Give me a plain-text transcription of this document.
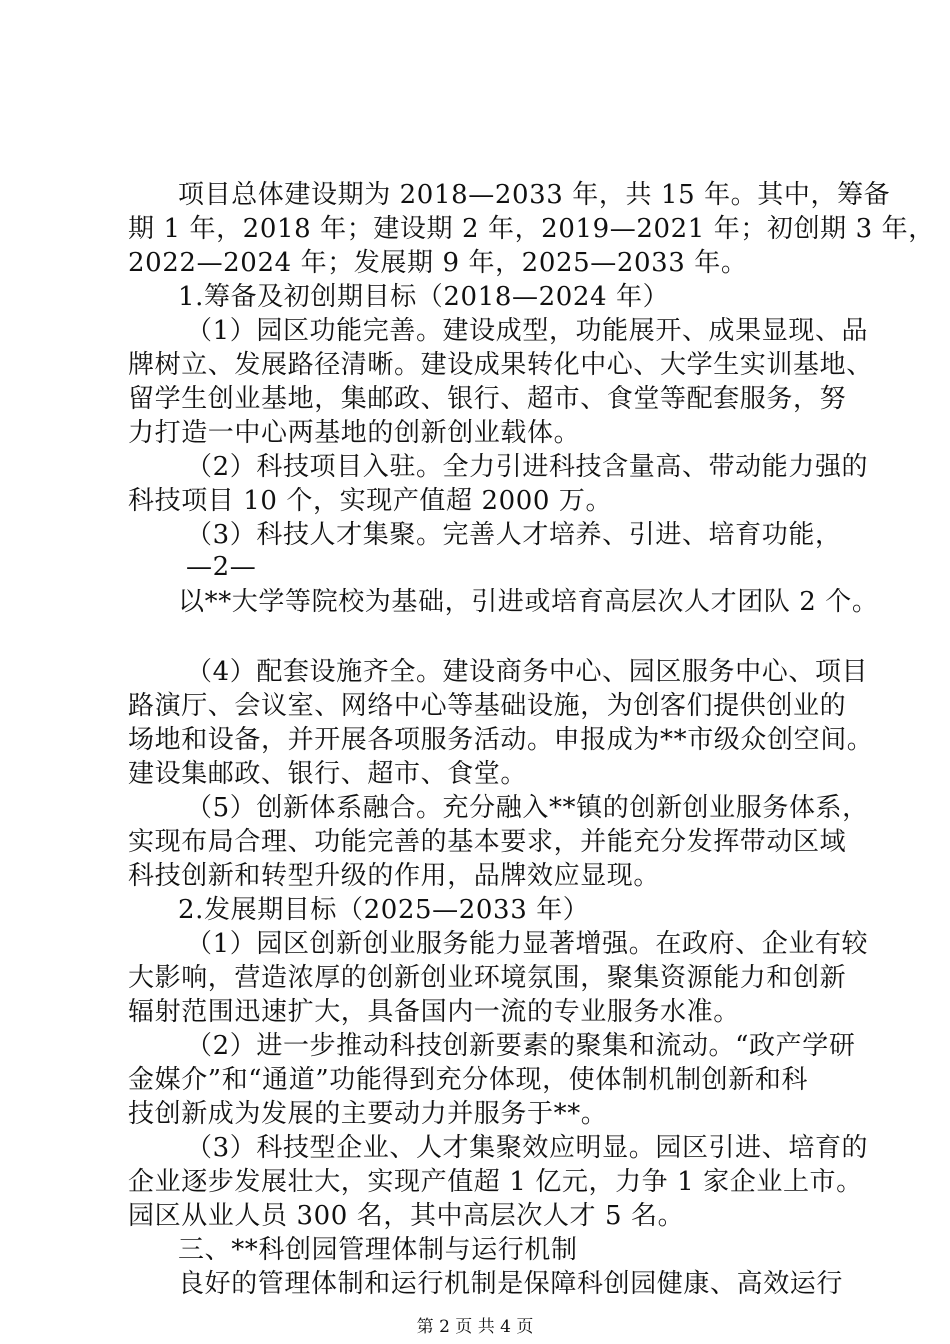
项目总体建设期为 2018—2033 年，共 15 年。其中，筹备
期 1 年，2018 年；建设期 2 年，2019—2021 年；初创期 3 年，
2022—2024 年；发展期 9 年，2025—2033 年。
1.筹备及初创期目标（2018—2024 年）
（1）园区功能完善。建设成型，功能展开、成果显现、品
牌树立、发展路径清晰。建设成果转化中心、大学生实训基地、
留学生创业基地，集邮政、银行、超市、食堂等配套服务，努
力打造一中心两基地的创新创业载体。
（2）科技项目入驻。全力引进科技含量高、带动能力强的
科技项目 10 个，实现产值超 2000 万。
（3）科技人才集聚。完善人才培养、引进、培育功能，
—2—
以**大学等院校为基础，引进或培育高层次人才团队 2 个。
（4）配套设施齐全。建设商务中心、园区服务中心、项目
路演厅、会议室、网络中心等基础设施，为创客们提供创业的
场地和设备，并开展各项服务活动。申报成为**市级众创空间。
建设集邮政、银行、超市、食堂。
（5）创新体系融合。充分融入**镇的创新创业服务体系，
实现布局合理、功能完善的基本要求，并能充分发挥带动区域
科技创新和转型升级的作用，品牌效应显现。
2.发展期目标（2025—2033 年）
（1）园区创新创业服务能力显著增强。在政府、企业有较
大影响，营造浓厚的创新创业环境氛围，聚集资源能力和创新
辐射范围迅速扩大，具备国内一流的专业服务水准。
（2）进一步推动科技创新要素的聚集和流动。“政产学研
金媒介”和“通道”功能得到充分体现，使体制机制创新和科
技创新成为发展的主要动力并服务于**。
（3）科技型企业、人才集聚效应明显。园区引进、培育的
企业逐步发展壮大，实现产值超 1 亿元，力争 1 家企业上市。
园区从业人员 300 名，其中高层次人才 5 名。
三、**科创园管理体制与运行机制
良好的管理体制和运行机制是保障科创园健康、高效运行
第 2 页 共 4 页
